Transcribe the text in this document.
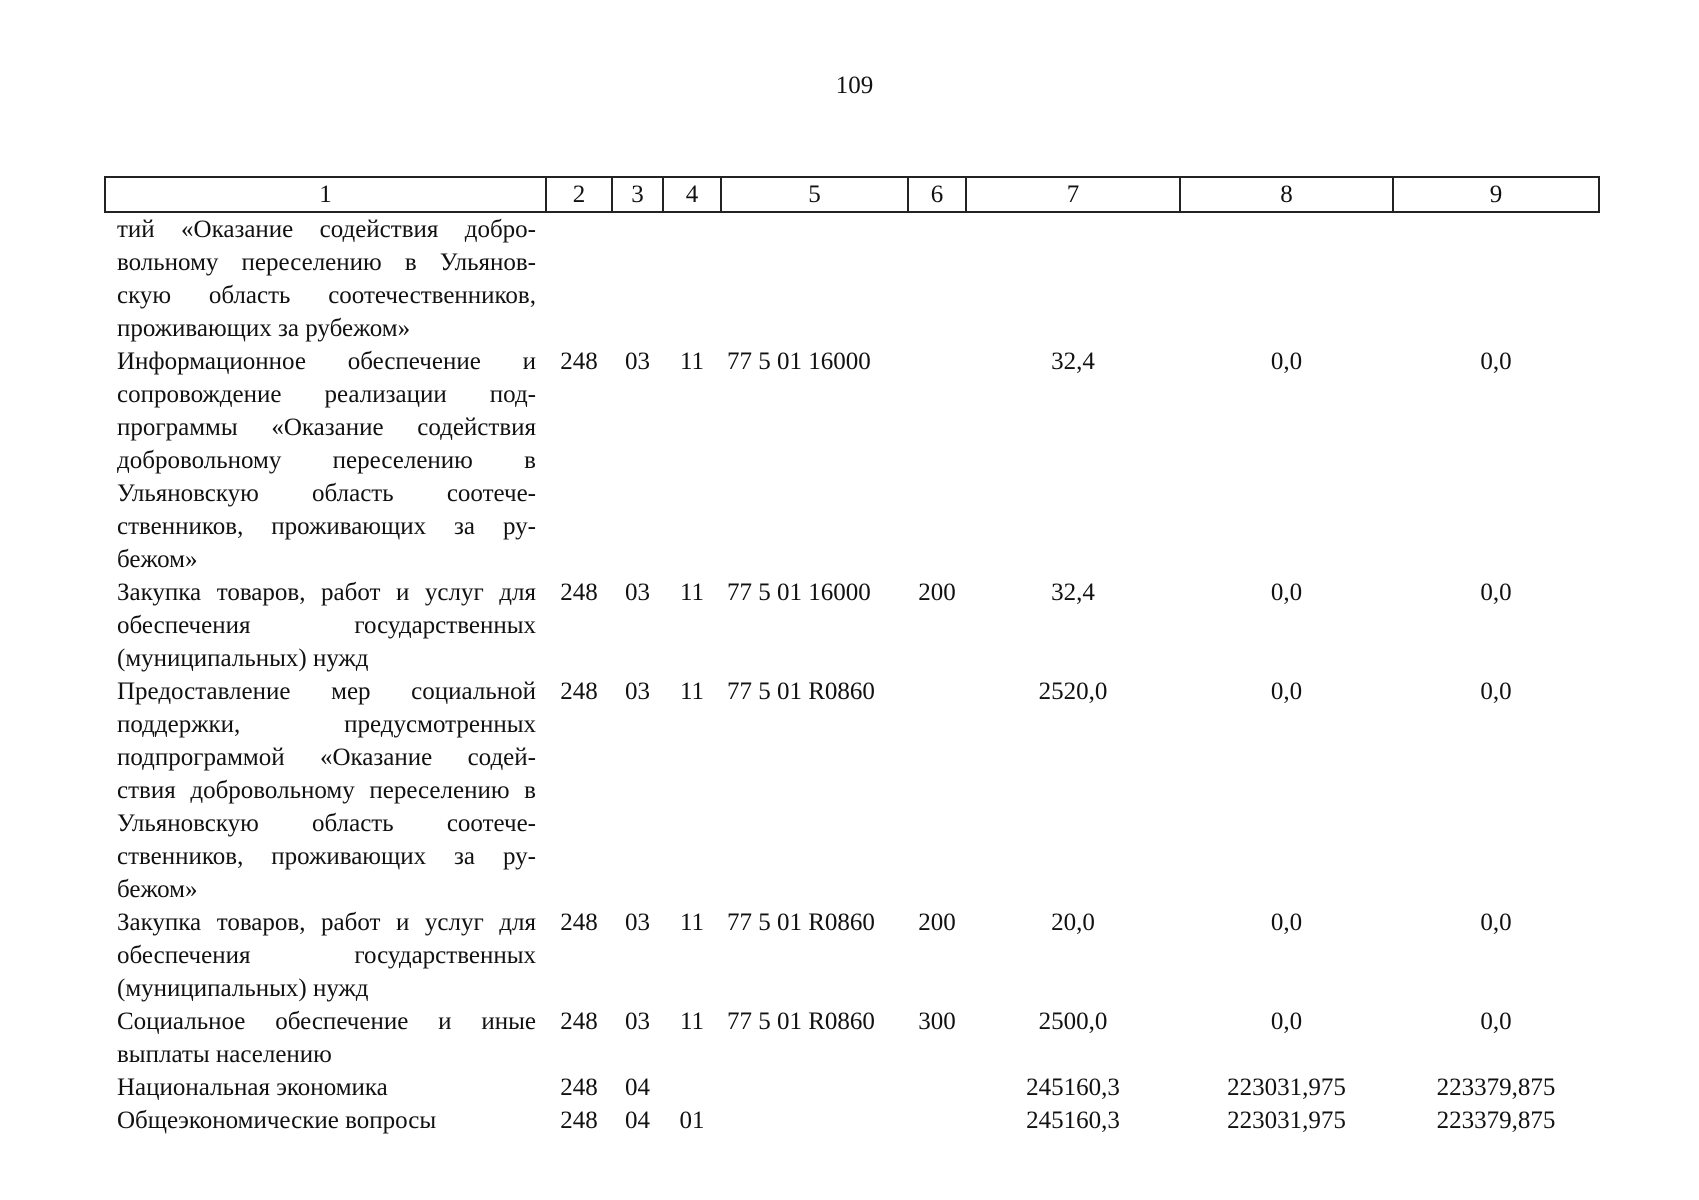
109
1	2	3	4	5	6	7	8	9
тий «Оказание содействия добро-вольному переселению в Ульянов-скую область соотечественников, проживающих за рубежом»								
Информационное обеспечение и сопровождение реализации под-программы «Оказание содействия добровольному переселению в Ульяновскую область соотече-ственников, проживающих за ру-бежом»	248	03	11	77 5 01 16000		32,4	0,0	0,0
Закупка товаров, работ и услуг для обеспечения государственных (муниципальных) нужд	248	03	11	77 5 01 16000	200	32,4	0,0	0,0
Предоставление мер социальной поддержки, предусмотренных подпрограммой «Оказание содей-ствия добровольному переселению в Ульяновскую область соотече-ственников, проживающих за ру-бежом»	248	03	11	77 5 01 R0860		2520,0	0,0	0,0
Закупка товаров, работ и услуг для обеспечения государственных (муниципальных) нужд	248	03	11	77 5 01 R0860	200	20,0	0,0	0,0
Социальное обеспечение и иные выплаты населению	248	03	11	77 5 01 R0860	300	2500,0	0,0	0,0
Национальная экономика	248	04				245160,3	223031,975	223379,875
Общеэкономические вопросы	248	04	01			245160,3	223031,975	223379,875
